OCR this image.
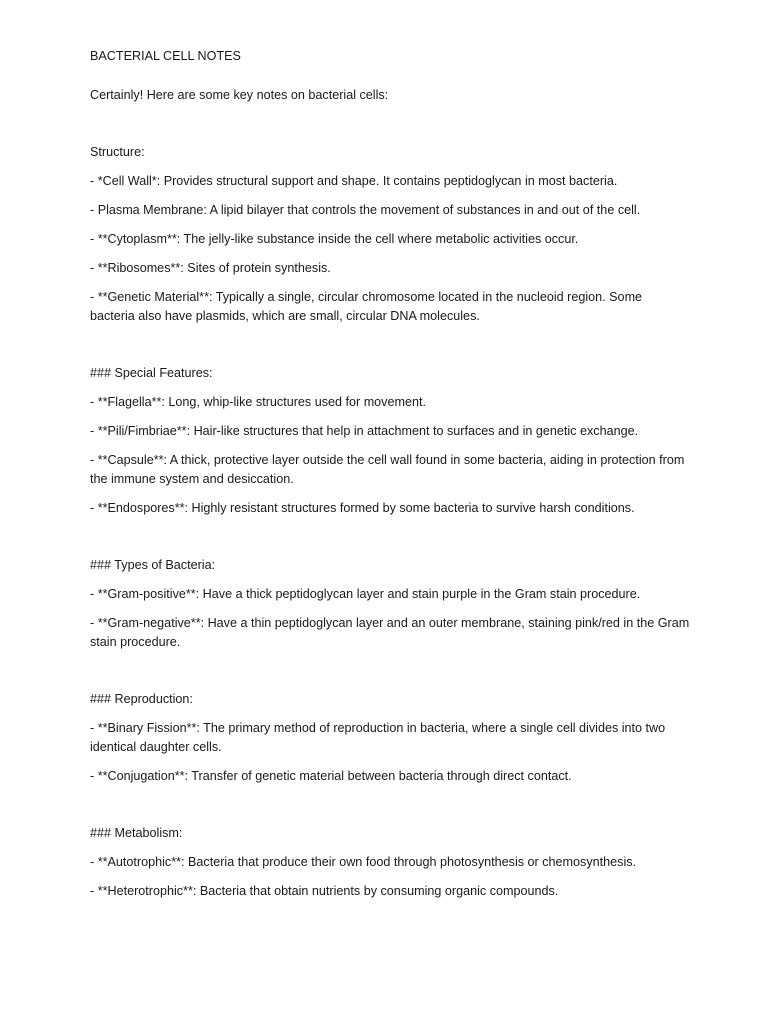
BACTERIAL CELL NOTES

Certainly! Here are some key notes on bacterial cells:

Structure:

- *Cell Wall*: Provides structural support and shape. It contains peptidoglycan in most bacteria.

- Plasma Membrane: A lipid bilayer that controls the movement of substances in and out of the cell.

- **Cytoplasm**: The jelly-like substance inside the cell where metabolic activities occur.

- **Ribosomes**: Sites of protein synthesis.

- **Genetic Material**: Typically a single, circular chromosome located in the nucleoid region. Some bacteria also have plasmids, which are small, circular DNA molecules.

### Special Features:

- **Flagella**: Long, whip-like structures used for movement.

- **Pili/Fimbriae**: Hair-like structures that help in attachment to surfaces and in genetic exchange.

- **Capsule**: A thick, protective layer outside the cell wall found in some bacteria, aiding in protection from the immune system and desiccation.

- **Endospores**: Highly resistant structures formed by some bacteria to survive harsh conditions.

### Types of Bacteria:

- **Gram-positive**: Have a thick peptidoglycan layer and stain purple in the Gram stain procedure.

- **Gram-negative**: Have a thin peptidoglycan layer and an outer membrane, staining pink/red in the Gram stain procedure.

### Reproduction:

- **Binary Fission**: The primary method of reproduction in bacteria, where a single cell divides into two identical daughter cells.

- **Conjugation**: Transfer of genetic material between bacteria through direct contact.

### Metabolism:

- **Autotrophic**: Bacteria that produce their own food through photosynthesis or chemosynthesis.

- **Heterotrophic**: Bacteria that obtain nutrients by consuming organic compounds.
